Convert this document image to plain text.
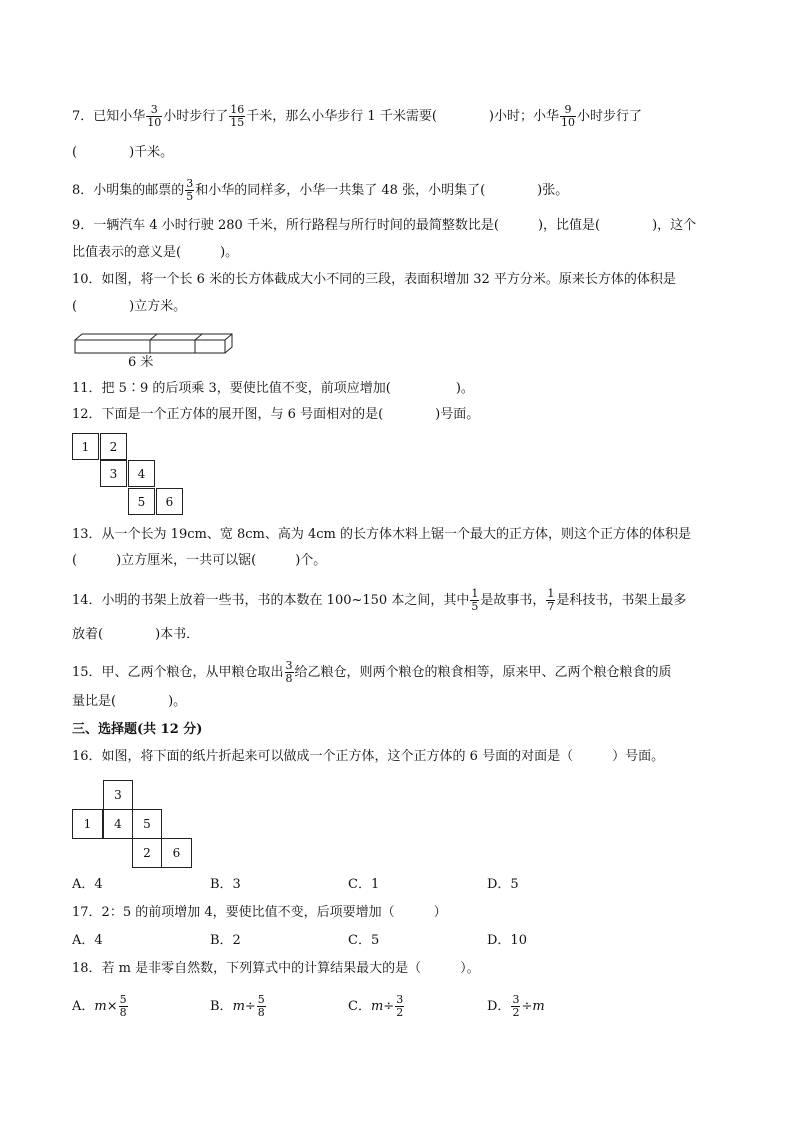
7．已知小华 $\frac{3}{10}$ 小时步行了 $\frac{16}{15}$ 千米，那么小华步行 1 千米需要(　　　　)小时；小华 $\frac{9}{10}$ 小时步行了
(　　　　)千米。
8．小明集的邮票的 $\frac{3}{5}$ 和小华的同样多，小华一共集了 48 张，小明集了(　　　　)张。
9．一辆汽车 4 小时行驶 280 千米，所行路程与所行时间的最简整数比是(　　　)，比值是(　　　　)，这个
比值表示的意义是(　　　)。
10．如图，将一个长 6 米的长方体截成大小不同的三段，表面积增加 32 平方分米。原来长方体的体积是
(　　　　)立方米。
6 米
11．把 5∶9 的后项乘 3，要使比值不变，前项应增加(　　　　　)。
12．下面是一个正方体的展开图，与 6 号面相对的是(　　　　)号面。
1	2
3	4
5	6
13．从一个长为 19cm、宽 8cm、高为 4cm 的长方体木料上锯一个最大的正方体，则这个正方体的体积是
(　　　)立方厘米，一共可以锯(　　　)个。
14．小明的书架上放着一些书，书的本数在 100~150 本之间，其中 $\frac{1}{5}$ 是故事书， $\frac{1}{7}$ 是科技书，书架上最多
放着(　　　　)本书．
15．甲、乙两个粮仓，从甲粮仓取出 $\frac{3}{8}$ 给乙粮仓，则两个粮仓的粮食相等，原来甲、乙两个粮仓粮食的质
量比是(　　　　)。
三、选择题(共 12 分)
16．如图，将下面的纸片折起来可以做成一个正方体，这个正方体的 6 号面的对面是（　　　）号面。
3
1	4	5
2	6
A．4	B．3	C．1	D．5
17．2：5 的前项增加 4，要使比值不变，后项要增加（　　　）
A．4	B．2	C．5	D．10
18．若 m 是非零自然数，下列算式中的计算结果最大的是（　　　）。
A．$m\times \frac{5}{8}$	B．$m\div \frac{5}{8}$	C．$m\div \frac{3}{2}$	D． $\frac{3}{2} \div m$
